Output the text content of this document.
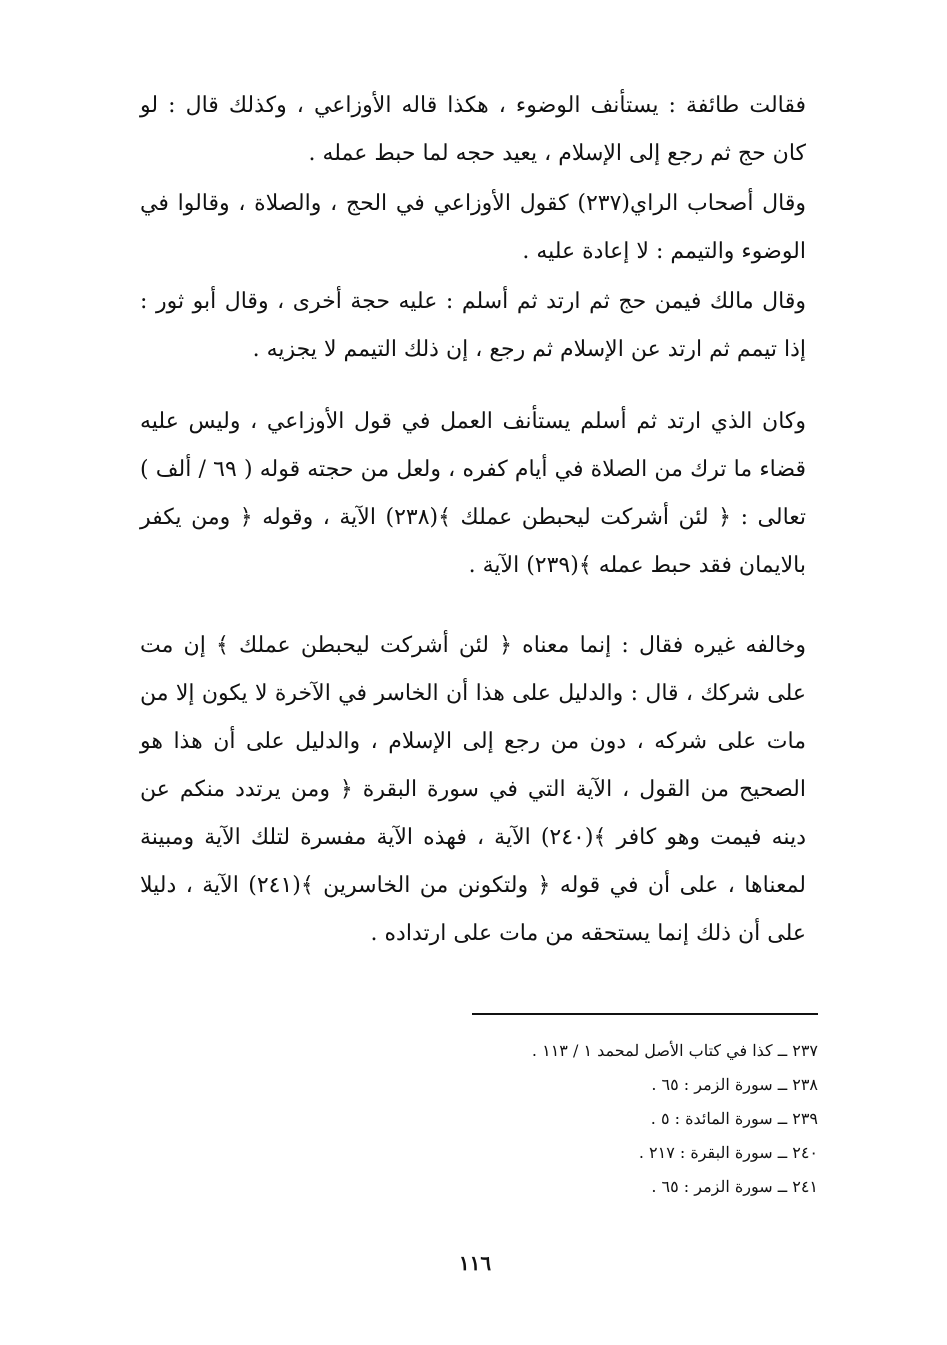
فقالت طائفة : يستأنف الوضوء ، هكذا قاله الأوزاعي ، وكذلك قال : لو كان حج ثم رجع إلى الإسلام ، يعيد حجه لما حبط عمله .

وقال أصحاب الراي(٢٣٧) كقول الأوزاعي في الحج ، والصلاة ، وقالوا في الوضوء والتيمم : لا إعادة عليه .

وقال مالك فيمن حج ثم ارتد ثم أسلم : عليه حجة أخرى ، وقال أبو ثور : إذا تيمم ثم ارتد عن الإسلام ثم رجع ، إن ذلك التيمم لا يجزيه .

وكان الذي ارتد ثم أسلم يستأنف العمل في قول الأوزاعي ، وليس عليه قضاء ما ترك من الصلاة في أيام كفره ، ولعل من حجته قوله ( ٦٩ / ألف ) تعالى : ﴿ لئن أشركت ليحبطن عملك ﴾(٢٣٨) الآية ، وقوله ﴿ ومن يكفر بالايمان فقد حبط عمله ﴾(٢٣٩) الآية .

وخالفه غيره فقال : إنما معناه ﴿ لئن أشركت ليحبطن عملك ﴾ إن مت على شركك ، قال : والدليل على هذا أن الخاسر في الآخرة لا يكون إلا من مات على شركه ، دون من رجع إلى الإسلام ، والدليل على أن هذا هو الصحيح من القول ، الآية التي في سورة البقرة ﴿ ومن يرتدد منكم عن دينه فيمت وهو كافر ﴾(٢٤٠) الآية ، فهذه الآية مفسرة لتلك الآية ومبينة لمعناها ، على أن في قوله ﴿ ولتكونن من الخاسرين ﴾(٢٤١) الآية ، دليلا على أن ذلك إنما يستحقه من مات على ارتداده .

٢٣٧ ــ كذا في كتاب الأصل لمحمد ١ / ١١٣ .

٢٣٨ ــ سورة الزمر : ٦٥ .

٢٣٩ ــ سورة المائدة : ٥ .

٢٤٠ ــ سورة البقرة : ٢١٧ .

٢٤١ ــ سورة الزمر : ٦٥ .

١١٦
